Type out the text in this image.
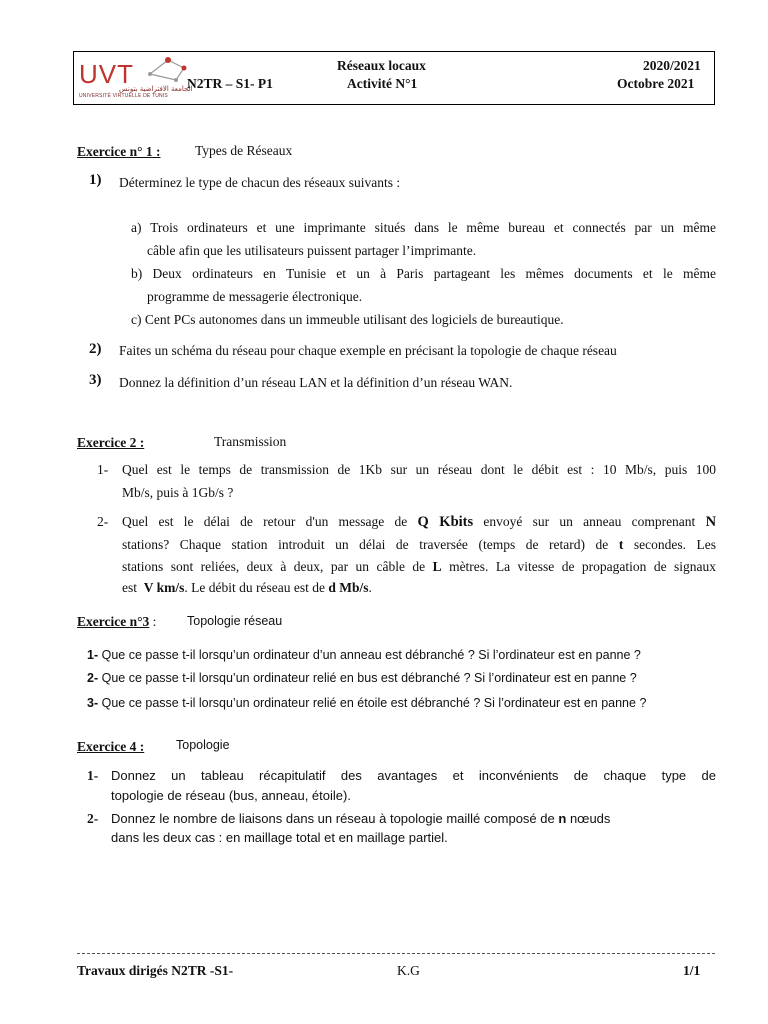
UVT
الجامعة الافتراضية بتونس
UNIVERSITÉ VIRTUELLE DE TUNIS
N2TR – S1- P1
Réseaux locaux
Activité N°1
2020/2021
Octobre 2021
Exercice n° 1 :	Types de Réseaux
1) Déterminez le type de chacun des réseaux suivants :
a) Trois ordinateurs et une imprimante situés dans le même bureau et connectés par un même
câble afin que les utilisateurs puissent partager l’imprimante.
b) Deux ordinateurs en Tunisie et un à Paris partageant les mêmes documents et le même
programme de messagerie électronique.
c) Cent PCs autonomes dans un immeuble utilisant des logiciels de bureautique.
2) Faites un schéma du réseau pour chaque exemple en précisant la topologie de chaque réseau
3) Donnez la définition d’un réseau LAN et la définition d’un réseau WAN.
Exercice 2 :	Transmission
1- Quel est le temps de transmission de 1Kb sur un réseau dont le débit est : 10 Mb/s, puis 100
Mb/s, puis à 1Gb/s ?
2- Quel est le délai de retour d'un message de Q Kbits envoyé sur un anneau comprenant N
stations? Chaque station introduit un délai de traversée (temps de retard) de t secondes. Les
stations sont reliées, deux à deux, par un câble de L mètres. La vitesse de propagation de signaux
est V km/s. Le débit du réseau est de d Mb/s.
Exercice n°3 : Topologie réseau
1- Que ce passe t-il lorsqu’un ordinateur d’un anneau est débranché ? Si l’ordinateur est en panne ?
2- Que ce passe t-il lorsqu’un ordinateur relié en bus est débranché ? Si l’ordinateur est en panne ?
3- Que ce passe t-il lorsqu’un ordinateur relié en étoile est débranché ? Si l’ordinateur est en panne ?
Exercice 4 :	Topologie
1- Donnez un tableau récapitulatif des avantages et inconvénients de chaque type de
topologie de réseau (bus, anneau, étoile).
2- Donnez le nombre de liaisons dans un réseau à topologie maillé composé de n nœuds
dans les deux cas : en maillage total et en maillage partiel.
Travaux dirigés N2TR -S1-	K.G	1/1
